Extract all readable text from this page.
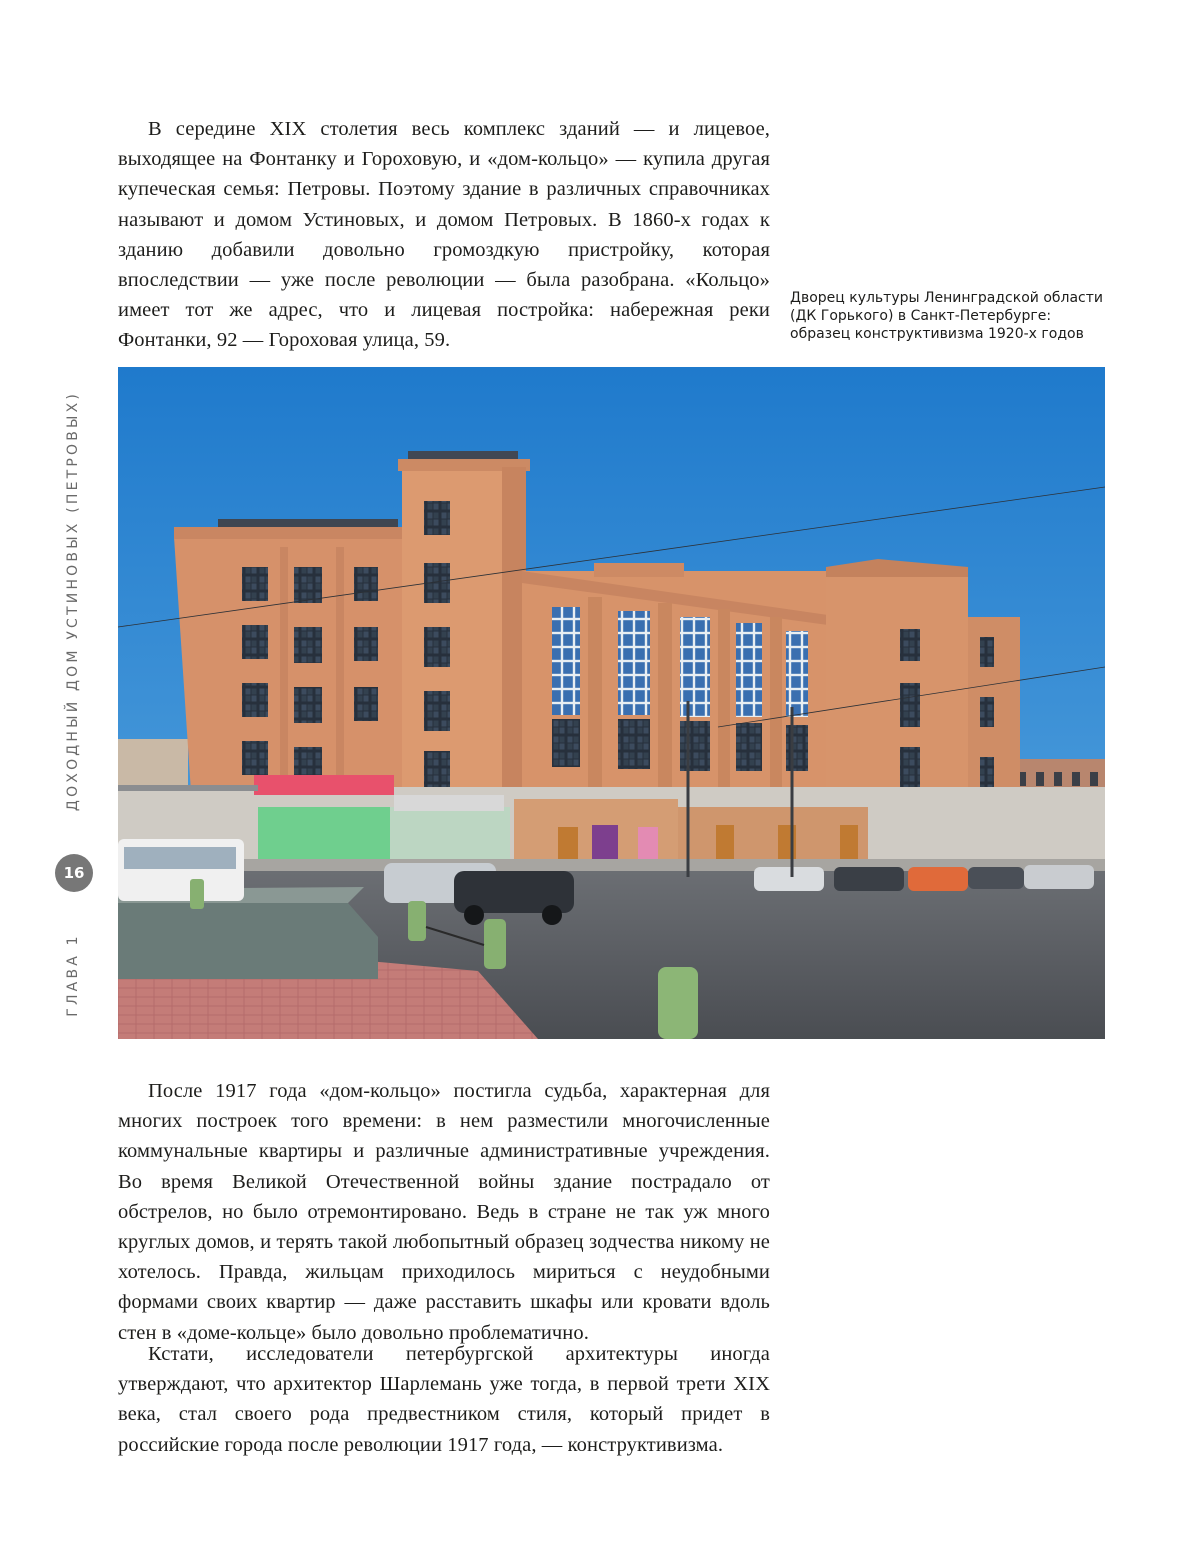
В середине XIX столетия весь комплекс зданий — и лицевое, выходящее на Фонтанку и Гороховую, и «дом-кольцо» — купила другая купеческая семья: Петровы. Поэтому здание в различных справочниках называют и домом Устиновых, и домом Петровых. В 1860-х годах к зданию добавили довольно громоздкую пристройку, которая впоследствии — уже после революции — была разобрана. «Кольцо» имеет тот же адрес, что и лицевая постройка: набережная реки Фонтанки, 92 — Гороховая улица, 59.

Дворец культуры Ленинградской области (ДК Горького) в Санкт-Петербурге: образец конструктивизма 1920-х годов

После 1917 года «дом-кольцо» постигла судьба, характерная для многих построек того времени: в нем разместили многочисленные коммунальные квартиры и различные административные учреждения. Во время Великой Отечественной войны здание пострадало от обстрелов, но было отремонтировано. Ведь в стране не так уж много круглых домов, и терять такой любопытный образец зодчества никому не хотелось. Правда, жильцам приходилось мириться с неудобными формами своих квартир — даже расставить шкафы или кровати вдоль стен в «доме-кольце» было довольно проблематично.

Кстати, исследователи петербургской архитектуры иногда утверждают, что архитектор Шарлемань уже тогда, в первой трети XIX века, стал своего рода предвестником стиля, который придет в российские города после революции 1917 года, — конструктивизма.

ДОХОДНЫЙ ДОМ УСТИНОВЫХ (ПЕТРОВЫХ)
16
ГЛАВА 1
